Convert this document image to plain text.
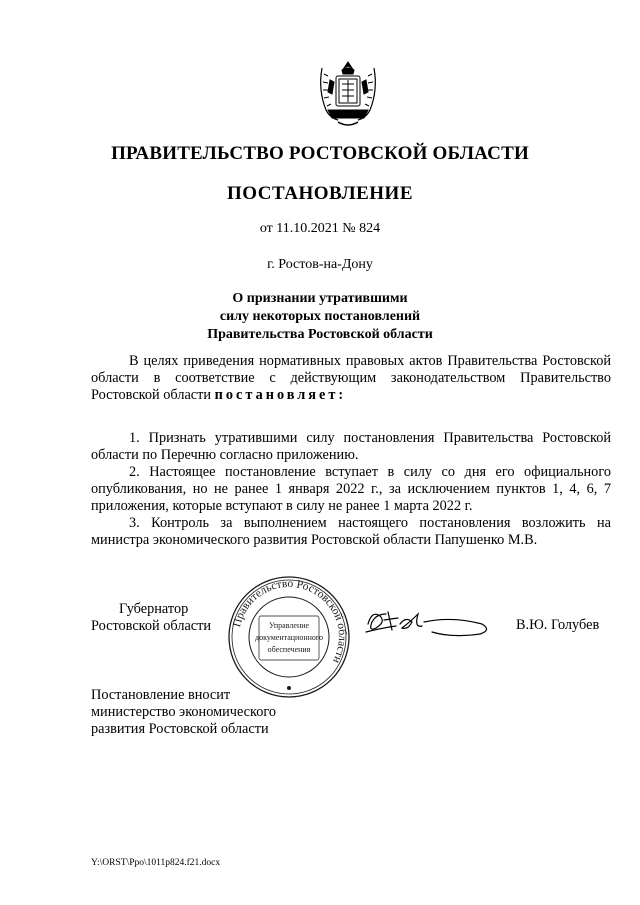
ПРАВИТЕЛЬСТВО РОСТОВСКОЙ ОБЛАСТИ
ПОСТАНОВЛЕНИЕ
от 11.10.2021 № 824
г. Ростов-на-Дону
О признании утратившими
силу некоторых постановлений
Правительства Ростовской области

В целях приведения нормативных правовых актов Правительства Ростовской области в соответствие с действующим законодательством Правительство Ростовской области постановляет:

1. Признать утратившими силу постановления Правительства Ростовской области по Перечню согласно приложению.

2. Настоящее постановление вступает в силу со дня его официального опубликования, но не ранее 1 января 2022 г., за исключением пунктов 1, 4, 6, 7 приложения, которые вступают в силу не ранее 1 марта 2022 г.

3. Контроль за выполнением настоящего постановления возложить на министра экономического развития Ростовской области Папушенко М.В.

Губернатор
Ростовской области Правительство Ростовской области
Управление
документационного
обеспечения
В.Ю. Голубев
Постановление вносит
министерство экономического
развития Ростовской области
Y:\ORST\Ppo\1011p824.f21.docx
